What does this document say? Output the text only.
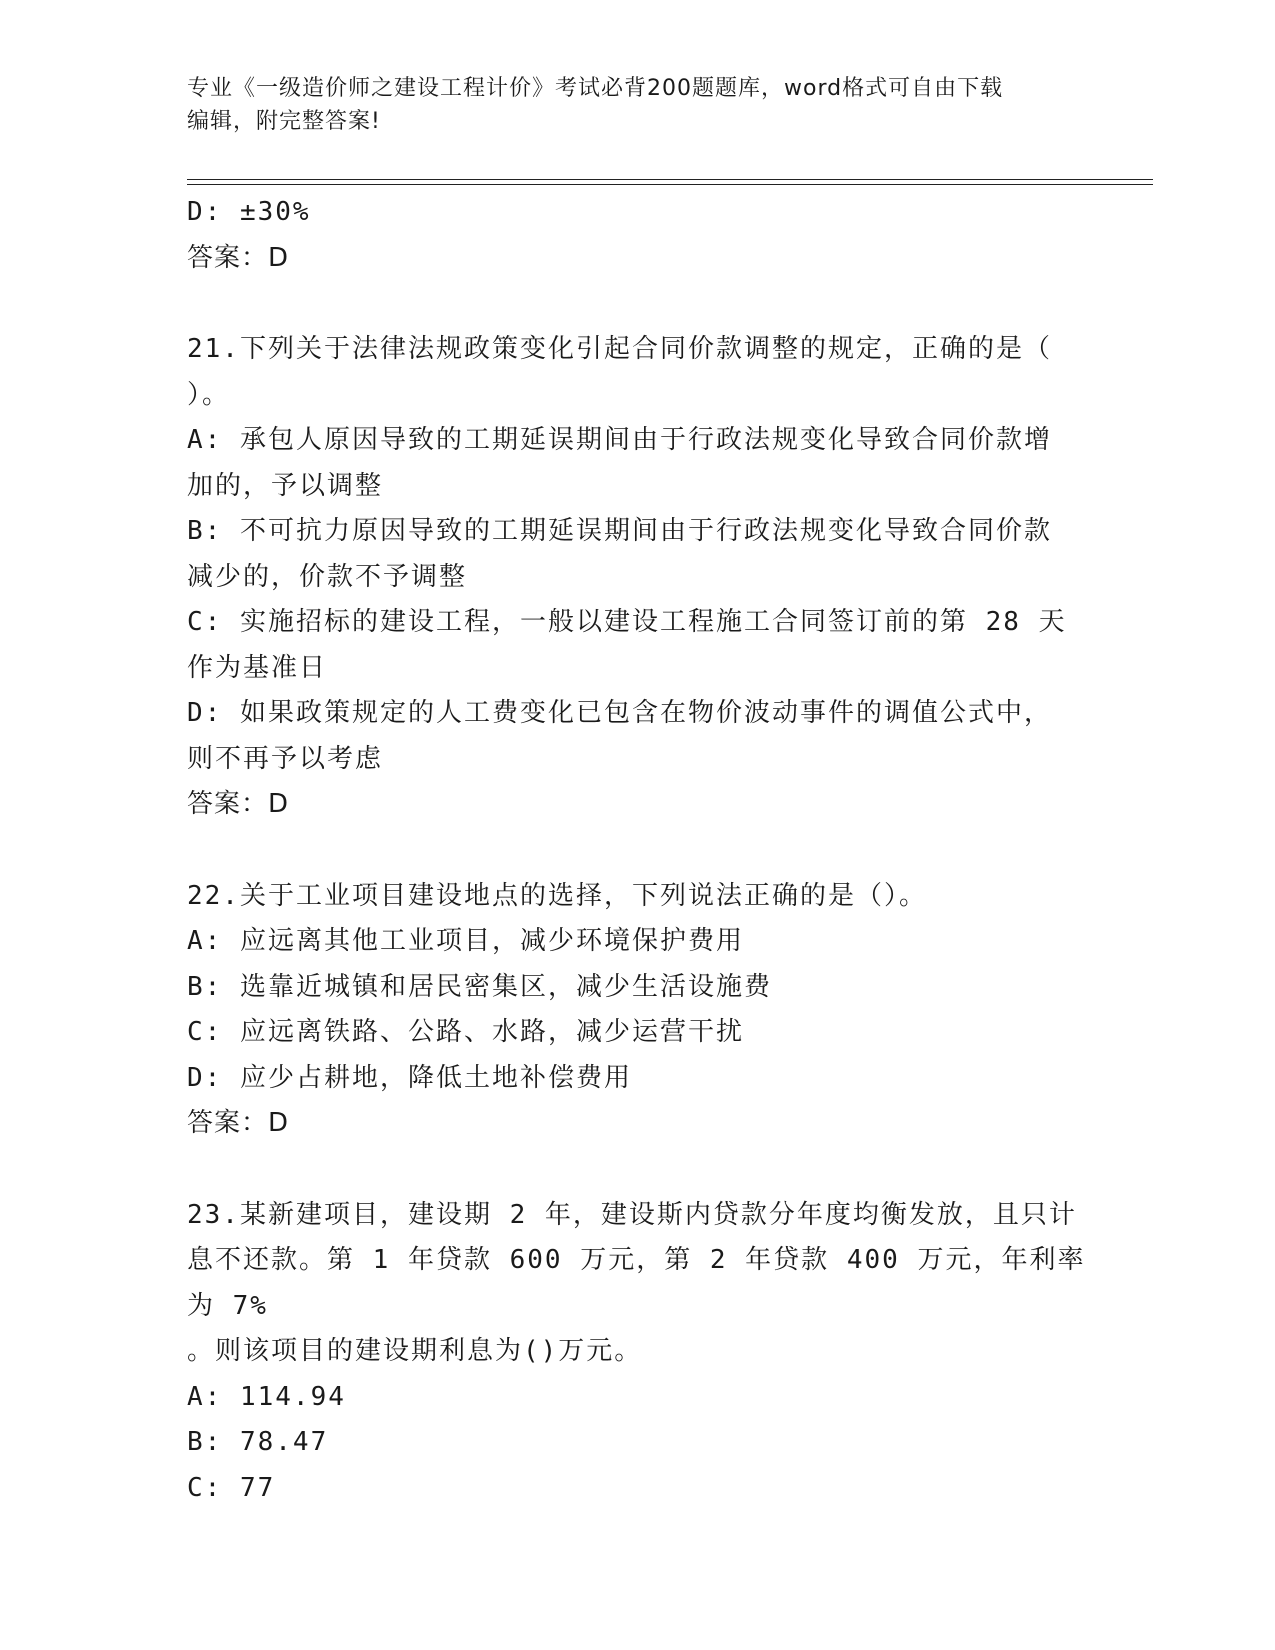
专业《一级造价师之建设工程计价》考试必背200题题库，word格式可自由下载
编辑，附完整答案!

D: ±30%

答案：D

21.下列关于法律法规政策变化引起合同价款调整的规定，正确的是（

）。

A: 承包人原因导致的工期延误期间由于行政法规变化导致合同价款增

加的，予以调整

B: 不可抗力原因导致的工期延误期间由于行政法规变化导致合同价款

减少的，价款不予调整

C: 实施招标的建设工程，一般以建设工程施工合同签订前的第 28 天

作为基准日

D: 如果政策规定的人工费变化已包含在物价波动事件的调值公式中，

则不再予以考虑

答案：D

22.关于工业项目建设地点的选择，下列说法正确的是（）。

A: 应远离其他工业项目，减少环境保护费用

B: 选靠近城镇和居民密集区，减少生活设施费

C: 应远离铁路、公路、水路，减少运营干扰

D: 应少占耕地，降低土地补偿费用

答案：D

23.某新建项目，建设期 2 年，建设斯内贷款分年度均衡发放，且只计

息不还款。第 1 年贷款 600 万元，第 2 年贷款 400 万元，年利率为 7%

。则该项目的建设期利息为()万元。

A: 114.94

B: 78.47

C: 77
